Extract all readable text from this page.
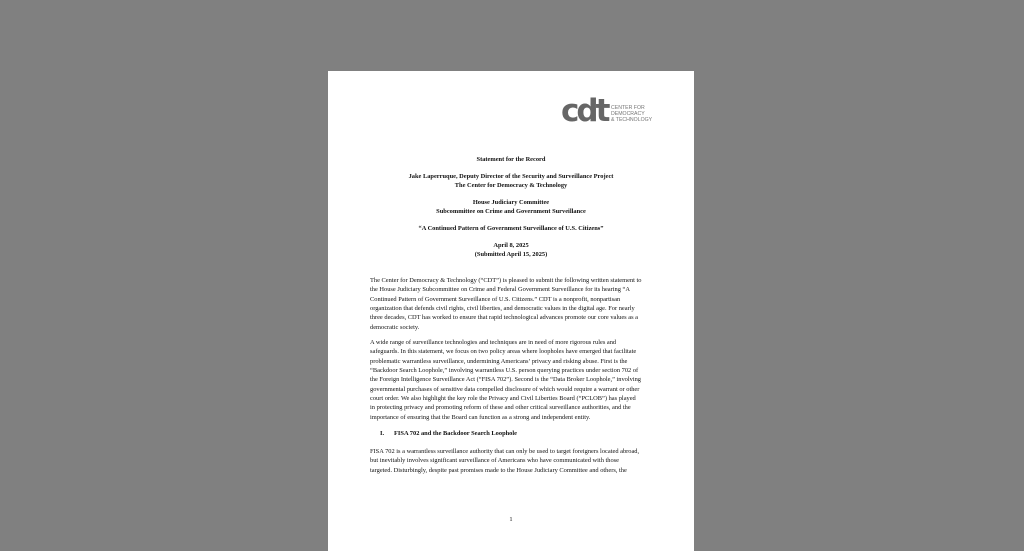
cdt CENTER FOR
DEMOCRACY
& TECHNOLOGY
1
Statement for the Record
Jake Laperruque, Deputy Director of the Security and Surveillance Project
The Center for Democracy & Technology
House Judiciary Committee
Subcommittee on Crime and Government Surveillance
“A Continued Pattern of Government Surveillance of U.S. Citizens”
April 8, 2025
(Submitted April 15, 2025)
The Center for Democracy & Technology (“CDT”) is pleased to submit the following written statement to
the House Judiciary Subcommittee on Crime and Federal Government Surveillance for its hearing “A
Continued Pattern of Government Surveillance of U.S. Citizens.” CDT is a nonprofit, nonpartisan
organization that defends civil rights, civil liberties, and democratic values in the digital age. For nearly
three decades, CDT has worked to ensure that rapid technological advances promote our core values as a
democratic society.
A wide range of surveillance technologies and techniques are in need of more rigorous rules and
safeguards. In this statement, we focus on two policy areas where loopholes have emerged that facilitate
problematic warrantless surveillance, undermining Americans’ privacy and risking abuse. First is the
“Backdoor Search Loophole,” involving warrantless U.S. person querying practices under section 702 of
the Foreign Intelligence Surveillance Act (“FISA 702”). Second is the “Data Broker Loophole,” involving
governmental purchases of sensitive data compelled disclosure of which would require a warrant or other
court order. We also highlight the key role the Privacy and Civil Liberties Board (“PCLOB”) has played
in protecting privacy and promoting reform of these and other critical surveillance authorities, and the
importance of ensuring that the Board can function as a strong and independent entity.
FISA 702 is a warrantless surveillance authority that can only be used to target foreigners located abroad,
but inevitably involves significant surveillance of Americans who have communicated with those
targeted. Disturbingly, despite past promises made to the House Judiciary Committee and others, the
I. FISA 702 and the Backdoor Search Loophole
